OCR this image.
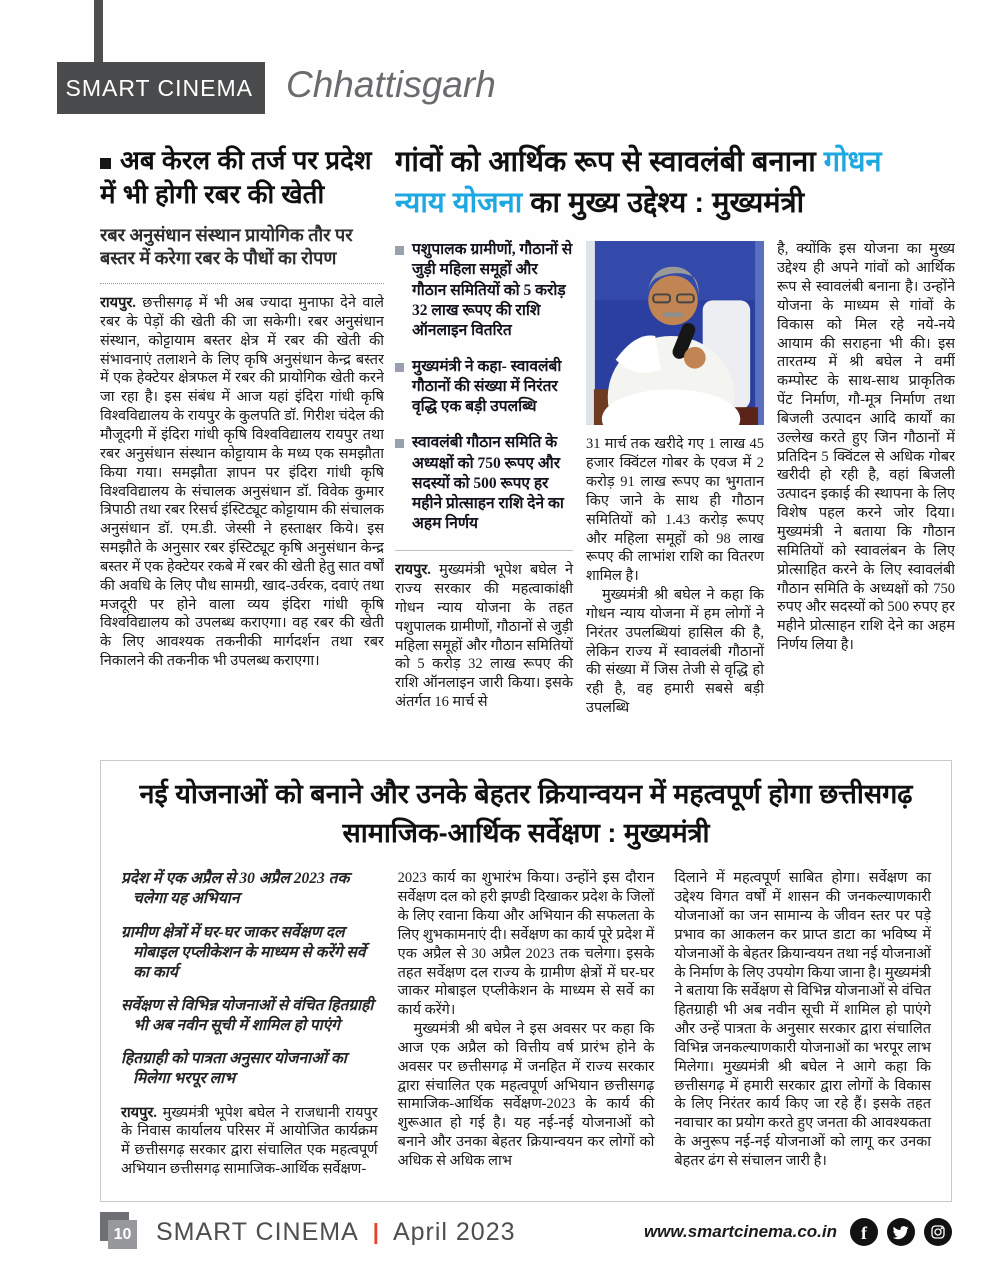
SMART CINEMA Chhattisgarh
अब केरल की तर्ज पर प्रदेश में भी होगी रबर की खेती
रबर अनुसंधान संस्थान प्रायोगिक तौर पर बस्तर में करेगा रबर के पौधों का रोपण

रायपुर. छत्तीसगढ़ में भी अब ज्यादा मुनाफा देने वाले रबर के पेड़ों की खेती की जा सकेगी। रबर अनुसंधान संस्थान, कोट्टायाम बस्तर क्षेत्र में रबर की खेती की संभावनाएं तलाशने के लिए कृषि अनुसंधान केन्द्र बस्तर में एक हेक्टेयर क्षेत्रफल में रबर की प्रायोगिक खेती करने जा रहा है। इस संबंध में आज यहां इंदिरा गांधी कृषि विश्वविद्यालय के रायपुर के कुलपति डॉ. गिरीश चंदेल की मौजूदगी में इंदिरा गांधी कृषि विश्वविद्यालय रायपुर तथा रबर अनुसंधान संस्थान कोट्टायाम के मध्य एक समझौता किया गया। समझौता ज्ञापन पर इंदिरा गांधी कृषि विश्वविद्यालय के संचालक अनुसंधान डॉ. विवेक कुमार त्रिपाठी तथा रबर रिसर्च इंस्टिट्यूट कोट्टायाम की संचालक अनुसंधान डॉ. एम.डी. जेस्सी ने हस्ताक्षर किये। इस समझौते के अनुसार रबर इंस्टिट्यूट कृषि अनुसंधान केन्द्र बस्तर में एक हेक्टेयर रकबे में रबर की खेती हेतु सात वर्षों की अवधि के लिए पौध सामग्री, खाद-उर्वरक, दवाएं तथा मजदूरी पर होने वाला व्यय इंदिरा गांधी कृषि विश्वविद्यालय को उपलब्ध कराएगा। वह रबर की खेती के लिए आवश्यक तकनीकी मार्गदर्शन तथा रबर निकालने की तकनीक भी उपलब्ध कराएगा।

गांवों को आर्थिक रूप से स्वावलंबी बनाना गोधन
न्याय योजना का मुख्य उद्देश्य : मुख्यमंत्री
पशुपालक ग्रामीणों, गौठानों से जुड़ी महिला समूहों और गौठान समितियों को 5 करोड़ 32 लाख रूपए की राशि ऑनलाइन वितरित
मुख्यमंत्री ने कहा- स्वावलंबी गौठानों की संख्या में निरंतर वृद्धि एक बड़ी उपलब्धि
स्वावलंबी गौठान समिति के अध्यक्षों को 750 रूपए और सदस्यों को 500 रूपए हर महीने प्रोत्साहन राशि देने का अहम निर्णय

रायपुर. मुख्यमंत्री भूपेश बघेल ने राज्य सरकार की महत्वाकांक्षी गोधन न्याय योजना के तहत पशुपालक ग्रामीणों, गौठानों से जुड़ी महिला समूहों और गौठान समितियों को 5 करोड़ 32 लाख रूपए की राशि ऑनलाइन जारी किया। इसके अंतर्गत 16 मार्च से

31 मार्च तक खरीदे गए 1 लाख 45 हजार क्विंटल गोबर के एवज में 2 करोड़ 91 लाख रूपए का भुगतान किए जाने के साथ ही गौठान समितियों को 1.43 करोड़ रूपए और महिला समूहों को 98 लाख रूपए की लाभांश राशि का वितरण शामिल है।

मुख्यमंत्री श्री बघेल ने कहा कि गोधन न्याय योजना में हम लोगों ने निरंतर उपलब्धियां हासिल की है, लेकिन राज्य में स्वावलंबी गौठानों की संख्या में जिस तेजी से वृद्धि हो रही है, वह हमारी सबसे बड़ी उपलब्धि

है, क्योंकि इस योजना का मुख्य उद्देश्य ही अपने गांवों को आर्थिक रूप से स्वावलंबी बनाना है। उन्होंने योजना के माध्यम से गांवों के विकास को मिल रहे नये-नये आयाम की सराहना भी की। इस तारतम्य में श्री बघेल ने वर्मी कम्पोस्ट के साथ-साथ प्राकृतिक पेंट निर्माण, गौ-मूत्र निर्माण तथा बिजली उत्पादन आदि कार्यों का उल्लेख करते हुए जिन गौठानों में प्रतिदिन 5 क्विंटल से अधिक गोबर खरीदी हो रही है, वहां बिजली उत्पादन इकाई की स्थापना के लिए विशेष पहल करने जोर दिया। मुख्यमंत्री ने बताया कि गौठान समितियों को स्वावलंबन के लिए प्रोत्साहित करने के लिए स्वावलंबी गौठान समिति के अध्यक्षों को 750 रुपए और सदस्यों को 500 रुपए हर महीने प्रोत्साहन राशि देने का अहम निर्णय लिया है।

नई योजनाओं को बनाने और उनके बेहतर क्रियान्वयन में महत्वपूर्ण होगा छत्तीसगढ़ सामाजिक-आर्थिक सर्वेक्षण : मुख्यमंत्री

प्रदेश में एक अप्रैल से 30 अप्रैल 2023 तक चलेगा यह अभियान

ग्रामीण क्षेत्रों में घर-घर जाकर सर्वेक्षण दल मोबाइल एप्लीकेशन के माध्यम से करेंगे सर्वे का कार्य

सर्वेक्षण से विभिन्न योजनाओं से वंचित हितग्राही भी अब नवीन सूची में शामिल हो पाएंगे

हितग्राही को पात्रता अनुसार योजनाओं का मिलेगा भरपूर लाभ

रायपुर. मुख्यमंत्री भूपेश बघेल ने राजधानी रायपुर के निवास कार्यालय परिसर में आयोजित कार्यक्रम में छत्तीसगढ़ सरकार द्वारा संचालित एक महत्वपूर्ण अभियान छत्तीसगढ़ सामाजिक-आर्थिक सर्वेक्षण-

2023 कार्य का शुभारंभ किया। उन्होंने इस दौरान सर्वेक्षण दल को हरी झण्डी दिखाकर प्रदेश के जिलों के लिए रवाना किया और अभियान की सफलता के लिए शुभकामनाएं दी। सर्वेक्षण का कार्य पूरे प्रदेश में एक अप्रैल से 30 अप्रैल 2023 तक चलेगा। इसके तहत सर्वेक्षण दल राज्य के ग्रामीण क्षेत्रों में घर-घर जाकर मोबाइल एप्लीकेशन के माध्यम से सर्वे का कार्य करेंगे।

मुख्यमंत्री श्री बघेल ने इस अवसर पर कहा कि आज एक अप्रैल को वित्तीय वर्ष प्रारंभ होने के अवसर पर छत्तीसगढ़ में जनहित में राज्य सरकार द्वारा संचालित एक महत्वपूर्ण अभियान छत्तीसगढ़ सामाजिक-आर्थिक सर्वेक्षण-2023 के कार्य की शुरूआत हो गई है। यह नई-नई योजनाओं को बनाने और उनका बेहतर क्रियान्वयन कर लोगों को अधिक से अधिक लाभ

दिलाने में महत्वपूर्ण साबित होगा। सर्वेक्षण का उद्देश्य विगत वर्षों में शासन की जनकल्याणकारी योजनाओं का जन सामान्य के जीवन स्तर पर पड़े प्रभाव का आकलन कर प्राप्त डाटा का भविष्य में योजनाओं के बेहतर क्रियान्वयन तथा नई योजनाओं के निर्माण के लिए उपयोग किया जाना है। मुख्यमंत्री ने बताया कि सर्वेक्षण से विभिन्न योजनाओं से वंचित हितग्राही भी अब नवीन सूची में शामिल हो पाएंगे और उन्हें पात्रता के अनुसार सरकार द्वारा संचालित विभिन्न जनकल्याणकारी योजनाओं का भरपूर लाभ मिलेगा। मुख्यमंत्री श्री बघेल ने आगे कहा कि छत्तीसगढ़ में हमारी सरकार द्वारा लोगों के विकास के लिए निरंतर कार्य किए जा रहे हैं। इसके तहत नवाचार का प्रयोग करते हुए जनता की आवश्यकता के अनुरूप नई-नई योजनाओं को लागू कर उनका बेहतर ढंग से संचालन जारी है।

10 SMART CINEMA | April 2023	www.smartcinema.co.in f
